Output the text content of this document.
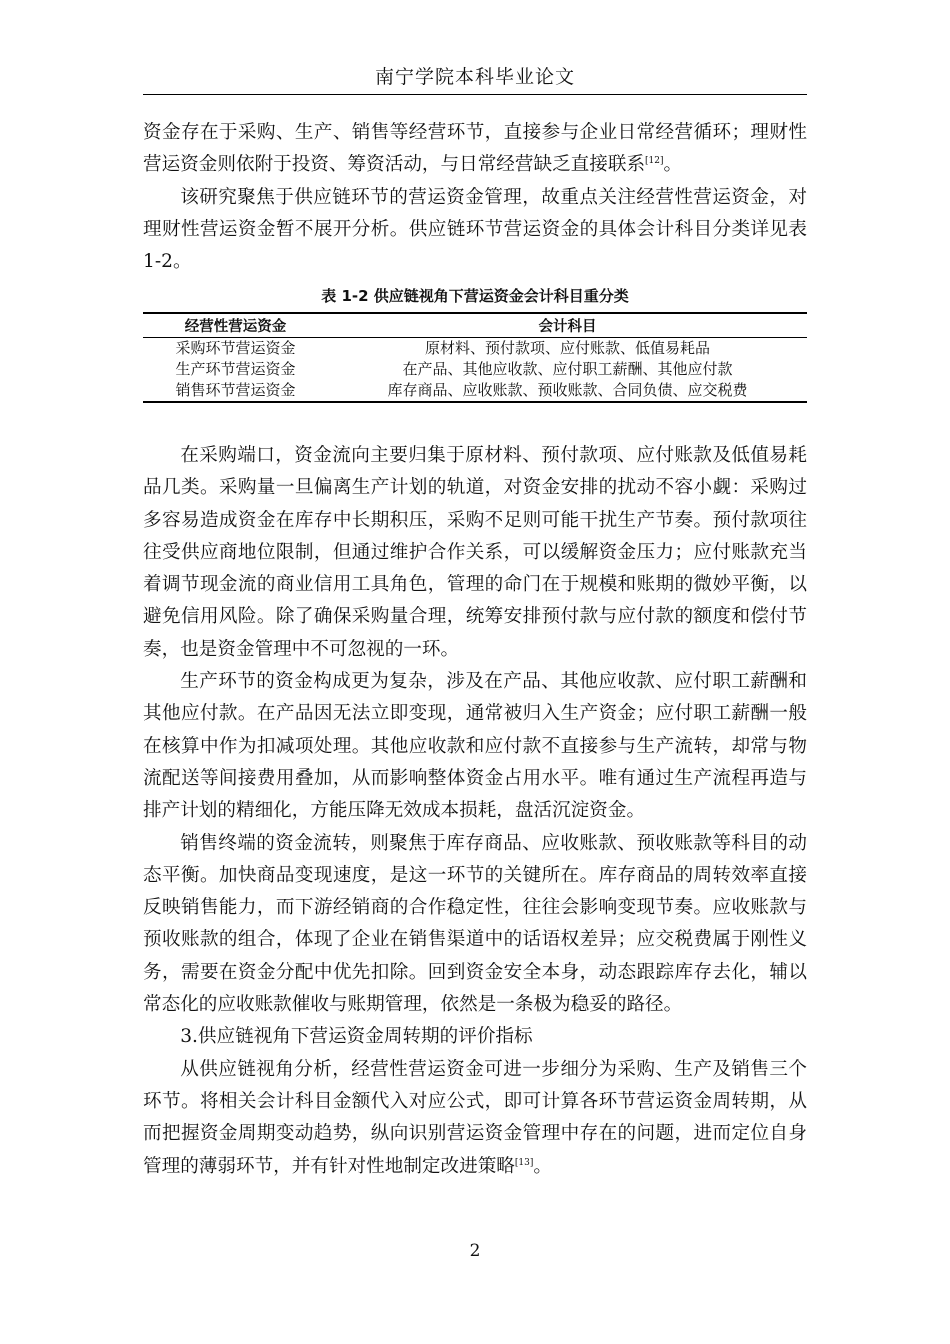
南宁学院本科毕业论文

资金存在于采购、生产、销售等经营环节，直接参与企业日常经营循环；理财性营运资金则依附于投资、筹资活动，与日常经营缺乏直接联系[12]。

该研究聚焦于供应链环节的营运资金管理，故重点关注经营性营运资金，对理财性营运资金暂不展开分析。供应链环节营运资金的具体会计科目分类详见表 1-2。

表 1-2 供应链视角下营运资金会计科目重分类
经营性营运资金	会计科目
采购环节营运资金	原材料、预付款项、应付账款、低值易耗品
生产环节营运资金	在产品、其他应收款、应付职工薪酬、其他应付款
销售环节营运资金	库存商品、应收账款、预收账款、合同负债、应交税费

在采购端口，资金流向主要归集于原材料、预付款项、应付账款及低值易耗品几类。采购量一旦偏离生产计划的轨道，对资金安排的扰动不容小觑：采购过多容易造成资金在库存中长期积压，采购不足则可能干扰生产节奏。预付款项往往受供应商地位限制，但通过维护合作关系，可以缓解资金压力；应付账款充当着调节现金流的商业信用工具角色，管理的命门在于规模和账期的微妙平衡，以避免信用风险。除了确保采购量合理，统筹安排预付款与应付款的额度和偿付节奏，也是资金管理中不可忽视的一环。

生产环节的资金构成更为复杂，涉及在产品、其他应收款、应付职工薪酬和其他应付款。在产品因无法立即变现，通常被归入生产资金；应付职工薪酬一般在核算中作为扣减项处理。其他应收款和应付款不直接参与生产流转，却常与物流配送等间接费用叠加，从而影响整体资金占用水平。唯有通过生产流程再造与排产计划的精细化，方能压降无效成本损耗，盘活沉淀资金。

销售终端的资金流转，则聚焦于库存商品、应收账款、预收账款等科目的动态平衡。加快商品变现速度，是这一环节的关键所在。库存商品的周转效率直接反映销售能力，而下游经销商的合作稳定性，往往会影响变现节奏。应收账款与预收账款的组合，体现了企业在销售渠道中的话语权差异；应交税费属于刚性义务，需要在资金分配中优先扣除。回到资金安全本身，动态跟踪库存去化，辅以常态化的应收账款催收与账期管理，依然是一条极为稳妥的路径。

3.供应链视角下营运资金周转期的评价指标

从供应链视角分析，经营性营运资金可进一步细分为采购、生产及销售三个环节。将相关会计科目金额代入对应公式，即可计算各环节营运资金周转期，从而把握资金周期变动趋势，纵向识别营运资金管理中存在的问题，进而定位自身管理的薄弱环节，并有针对性地制定改进策略[13]。

2
